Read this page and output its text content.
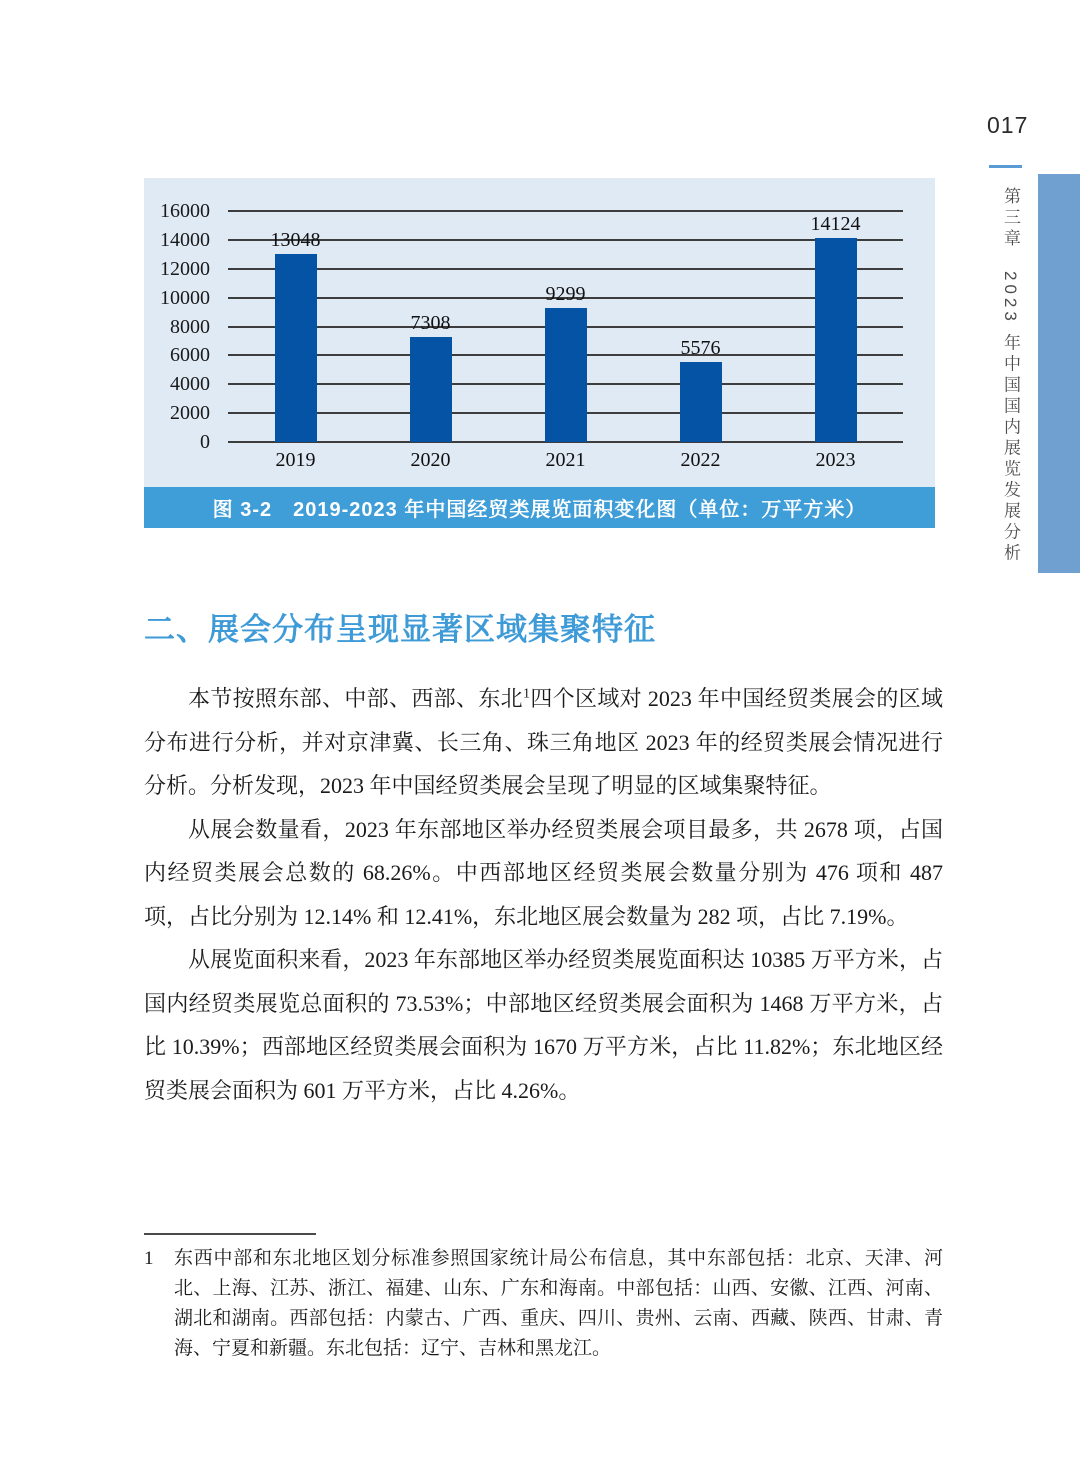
017
第三章　2023 年中国国内展览发展分析
0
2000
4000
6000
8000
10000
12000
14000
16000
13048
2019
7308
2020
9299
2021
5576
2022
14124
2023
图 3-2　2019-2023 年中国经贸类展览面积变化图（单位：万平方米）
二、展会分布呈现显著区域集聚特征

本节按照东部、中部、西部、东北$^1$四个区域对 2023 年中国经贸类展会的区域分布进行分析，并对京津冀、长三角、珠三角地区 2023 年的经贸类展会情况进行分析。分析发现，2023 年中国经贸类展会呈现了明显的区域集聚特征。

从展会数量看，2023 年东部地区举办经贸类展会项目最多，共 2678 项，占国内经贸类展会总数的 68.26%。中西部地区经贸类展会数量分别为 476 项和 487 项，占比分别为 12.14% 和 12.41%，东北地区展会数量为 282 项，占比 7.19%。

从展览面积来看，2023 年东部地区举办经贸类展览面积达 10385 万平方米，占国内经贸类展览总面积的 73.53%；中部地区经贸类展会面积为 1468 万平方米，占比 10.39%；西部地区经贸类展会面积为 1670 万平方米，占比 11.82%；东北地区经贸类展会面积为 601 万平方米，占比 4.26%。

1	东西中部和东北地区划分标准参照国家统计局公布信息，其中东部包括：北京、天津、河北、上海、江苏、浙江、福建、山东、广东和海南。中部包括：山西、安徽、江西、河南、湖北和湖南。西部包括：内蒙古、广西、重庆、四川、贵州、云南、西藏、陕西、甘肃、青海、宁夏和新疆。东北包括：辽宁、吉林和黑龙江。
